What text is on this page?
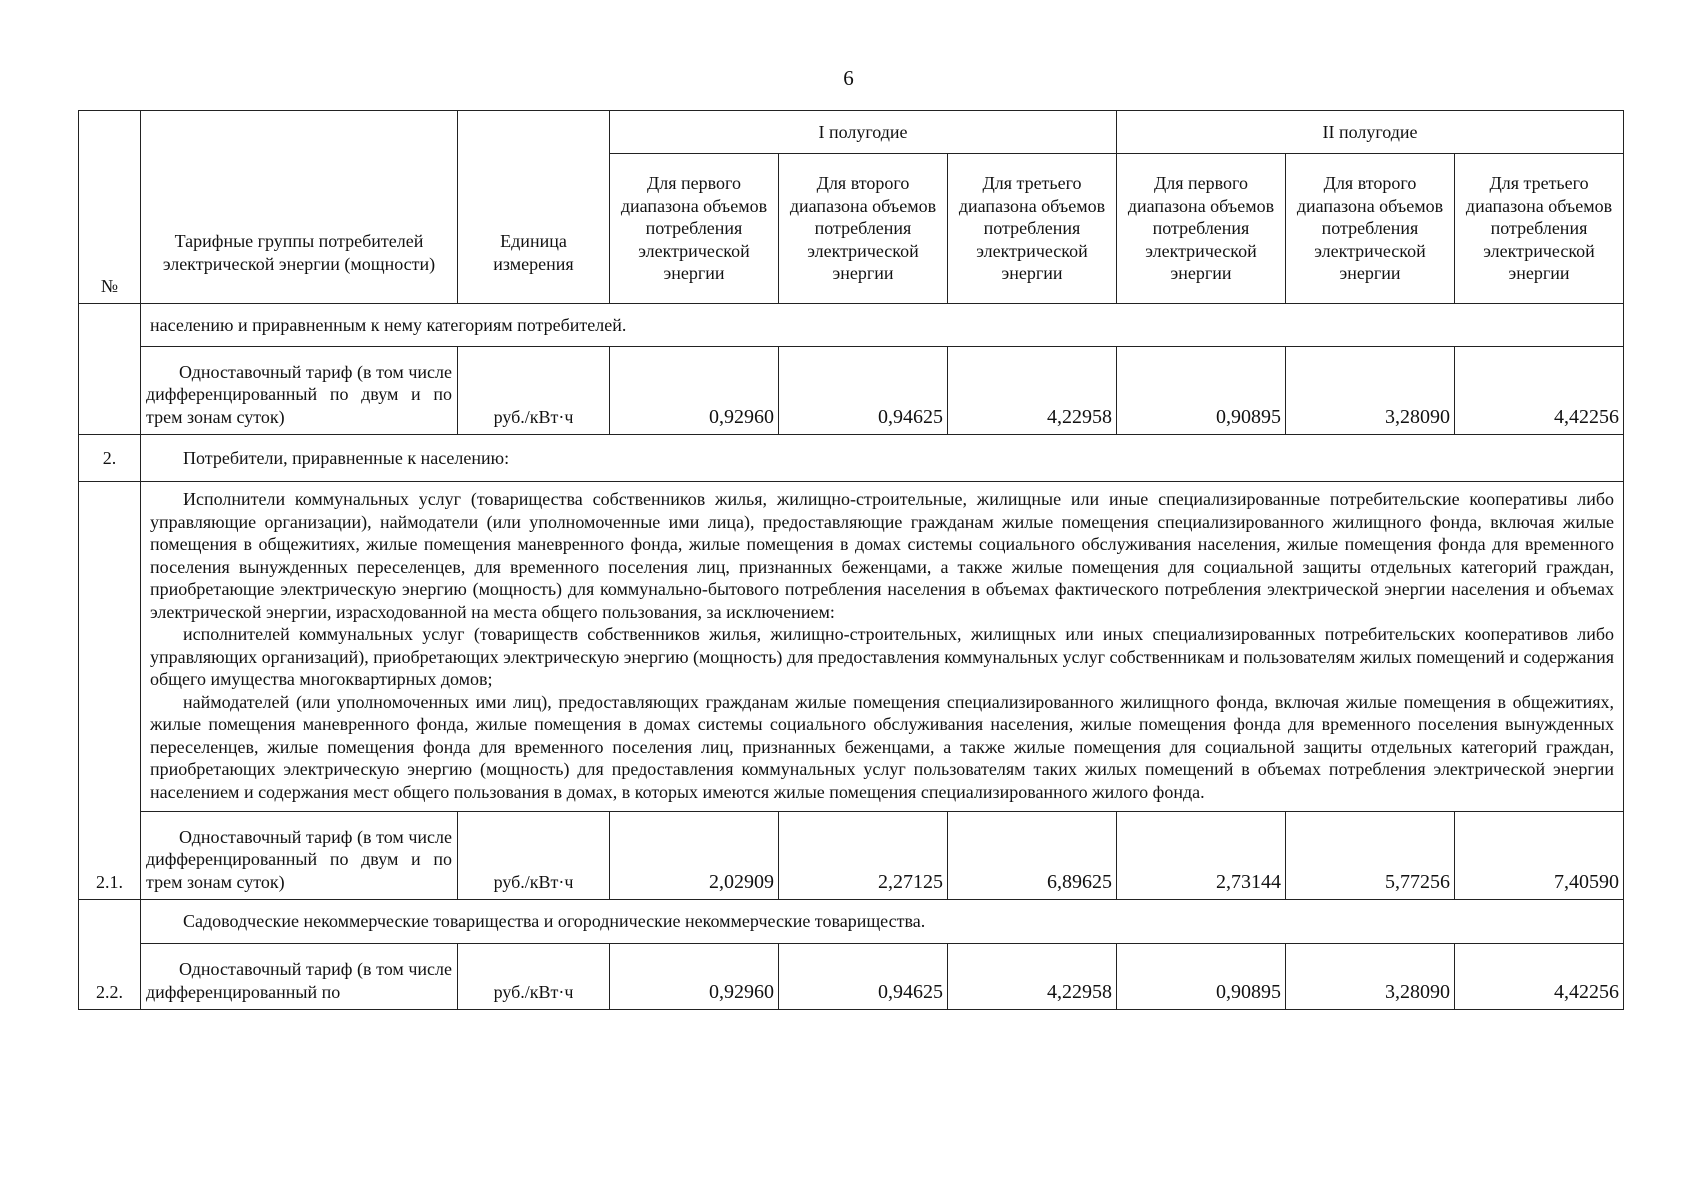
6
№	Тарифные группы потребителей электрической энергии (мощности)	Единица измерения	I полугодие			II полугодие		
			Для первого диапазона объемов потребления электрической энергии	Для второго диапазона объемов потребления электрической энергии	Для третьего диапазона объемов потребления электрической энергии	Для первого диапазона объемов потребления электрической энергии	Для второго диапазона объемов потребления электрической энергии	Для третьего диапазона объемов потребления электрической энергии
	населению и приравненным к нему категориям потребителей.							
	Одноставочный тариф (в том числе дифференцированный по двум и по трем зонам суток)	руб./кВт·ч	0,92960	0,94625	4,22958	0,90895	3,28090	4,42256
2.	Потребители, приравненные к населению:							

	Исполнители коммунальных услуг (товарищества собственников жилья, жилищно-строительные, жилищные или иные специализированные потребительские кооперативы либо управляющие организации), наймодатели (или уполномоченные ими лица), предоставляющие гражданам жилые помещения специализированного жилищного фонда, включая жилые помещения в общежитиях, жилые помещения маневренного фонда, жилые помещения в домах системы социального обслуживания населения, жилые помещения фонда для временного поселения вынужденных переселенцев, для временного поселения лиц, признанных беженцами, а также жилые помещения для социальной защиты отдельных категорий граждан, приобретающие электрическую энергию (мощность) для коммунально-бытового потребления населения в объемах фактического потребления электрической энергии населения и объемах электрической энергии, израсходованной на места общего пользования, за исключением:

исполнителей коммунальных услуг (товариществ собственников жилья, жилищно-строительных, жилищных или иных специализированных потребительских кооперативов либо управляющих организаций), приобретающих электрическую энергию (мощность) для предоставления коммунальных услуг собственникам и пользователям жилых помещений и содержания общего имущества многоквартирных домов;

наймодателей (или уполномоченных ими лиц), предоставляющих гражданам жилые помещения специализированного жилищного фонда, включая жилые помещения в общежитиях, жилые помещения маневренного фонда, жилые помещения в домах системы социального обслуживания населения, жилые помещения фонда для временного поселения вынужденных переселенцев, жилые помещения фонда для временного поселения лиц, признанных беженцами, а также жилые помещения для социальной защиты отдельных категорий граждан, приобретающих электрическую энергию (мощность) для предоставления коммунальных услуг пользователям таких жилых помещений в объемах потребления электрической энергии населением и содержания мест общего пользования в домах, в которых имеются жилые помещения специализированного жилого фонда.							

2.1.	Одноставочный тариф (в том числе дифференцированный по двум и по трем зонам суток)	руб./кВт·ч	2,02909	2,27125	6,89625	2,73144	5,77256	7,40590
	Садоводческие некоммерческие товарищества и огороднические некоммерческие товарищества.							
2.2.	Одноставочный тариф (в том числе дифференцированный по	руб./кВт·ч	0,92960	0,94625	4,22958	0,90895	3,28090	4,42256
